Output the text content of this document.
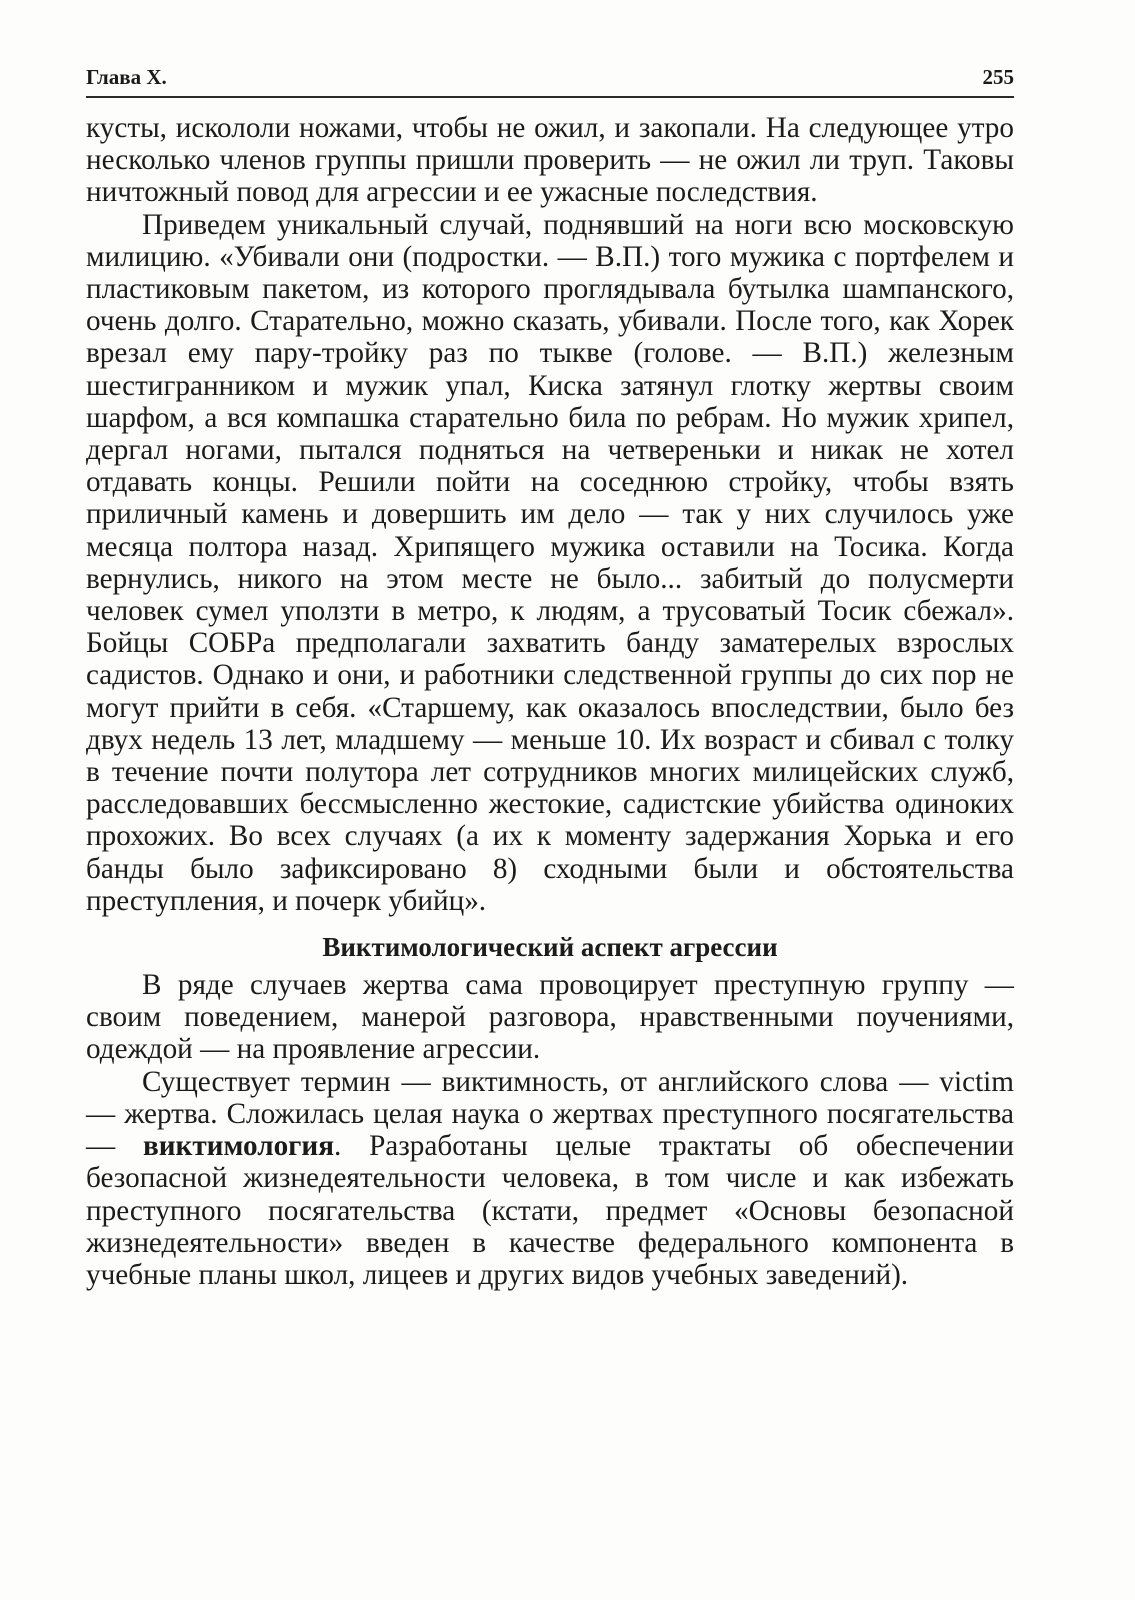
Глава X.	255

кусты, искололи ножами, чтобы не ожил, и закопали. На следующее утро несколько членов группы пришли проверить — не ожил ли труп. Таковы ничтожный повод для агрессии и ее ужасные последствия.

Приведем уникальный случай, поднявший на ноги всю московскую милицию. «Убивали они (подростки. — В.П.) того мужика с портфелем и пластиковым пакетом, из которого проглядывала бутылка шампанского, очень долго. Старательно, можно сказать, убивали. После того, как Хорек врезал ему пару-тройку раз по тыкве (голове. — В.П.) железным шестигранником и мужик упал, Киска затянул глотку жертвы своим шарфом, а вся компашка старательно била по ребрам. Но мужик хрипел, дергал ногами, пытался подняться на четвереньки и никак не хотел отдавать концы. Решили пойти на соседнюю стройку, чтобы взять приличный камень и довершить им дело — так у них случилось уже месяца полтора назад. Хрипящего мужика оставили на Тосика. Когда вернулись, никого на этом месте не было... забитый до полусмерти человек сумел уползти в метро, к людям, а трусоватый Тосик сбежал». Бойцы СОБРа предполагали захватить банду заматерелых взрослых садистов. Однако и они, и работники следственной группы до сих пор не могут прийти в себя. «Старшему, как оказалось впоследствии, было без двух недель 13 лет, младшему — меньше 10. Их возраст и сбивал с толку в течение почти полутора лет сотрудников многих милицейских служб, расследовавших бессмысленно жестокие, садистские убийства одиноких прохожих. Во всех случаях (а их к моменту задержания Хорька и его банды было зафиксировано 8) сходными были и обстоятельства преступления, и почерк убийц».

Виктимологический аспект агрессии

В ряде случаев жертва сама провоцирует преступную группу — своим поведением, манерой разговора, нравственными поучениями, одеждой — на проявление агрессии.

Существует термин — виктимность, от английского слова — victim — жертва. Сложилась целая наука о жертвах преступного посягательства — виктимология. Разработаны целые трактаты об обеспечении безопасной жизнедеятельности человека, в том числе и как избежать преступного посягательства (кстати, предмет «Основы безопасной жизнедеятельности» введен в качестве федерального компонента в учебные планы школ, лицеев и других видов учебных заведений).
